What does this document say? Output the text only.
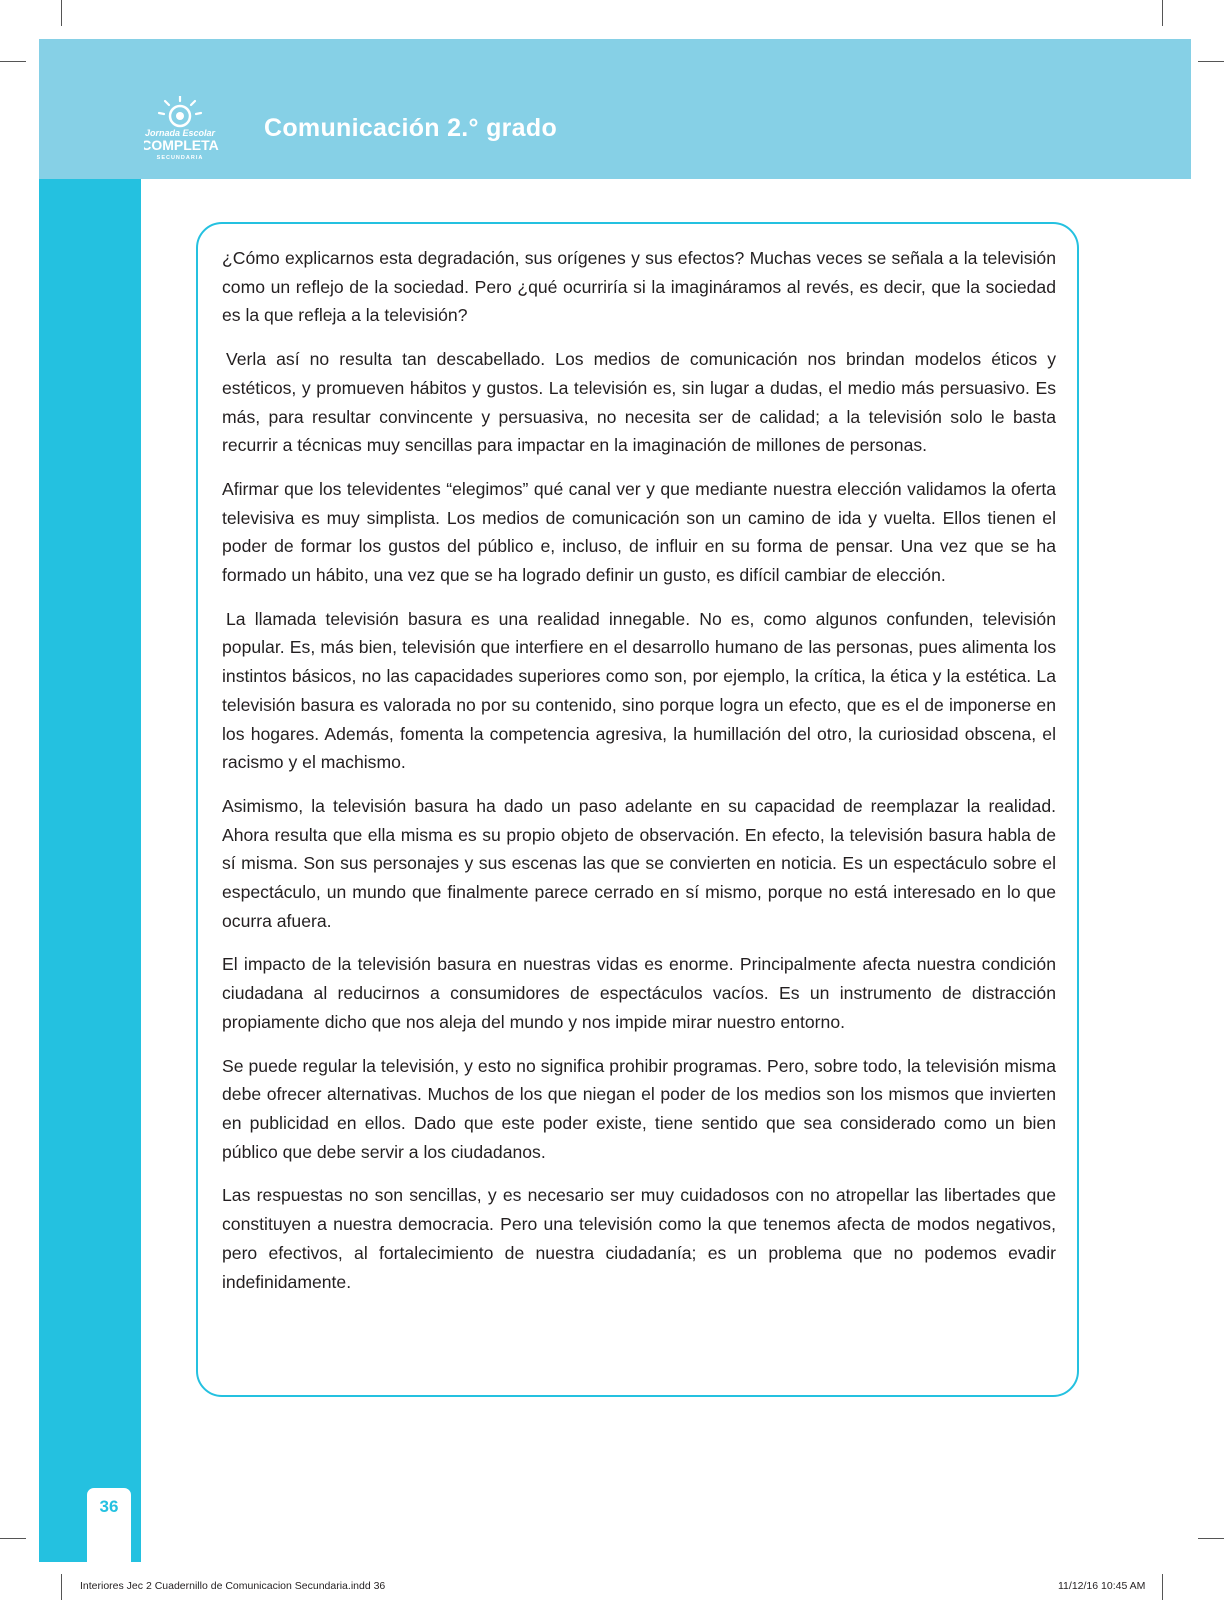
Jornada Escolar
COMPLETA
SECUNDARIA
Comunicación 2.° grado

¿Cómo explicarnos esta degradación, sus orígenes y sus efectos? Muchas veces se señala a la televisión como un reflejo de la sociedad. Pero ¿qué ocurriría si la imagináramos al revés, es decir, que la sociedad es la que refleja a la televisión?

Verla así no resulta tan descabellado. Los medios de comunicación nos brindan modelos éticos y estéticos, y promueven hábitos y gustos. La televisión es, sin lugar a dudas, el medio más persuasivo. Es más, para resultar convincente y persuasiva, no necesita ser de calidad; a la televisión solo le basta recurrir a técnicas muy sencillas para impactar en la imaginación de millones de personas.

Afirmar que los televidentes “elegimos” qué canal ver y que mediante nuestra elección validamos la oferta televisiva es muy simplista. Los medios de comunicación son un camino de ida y vuelta. Ellos tienen el poder de formar los gustos del público e, incluso, de influir en su forma de pensar. Una vez que se ha formado un hábito, una vez que se ha logrado definir un gusto, es difícil cambiar de elección.

La llamada televisión basura es una realidad innegable. No es, como algunos confunden, televisión popular. Es, más bien, televisión que interfiere en el desarrollo humano de las personas, pues alimenta los instintos básicos, no las capacidades superiores como son, por ejemplo, la crítica, la ética y la estética. La televisión basura es valorada no por su contenido, sino porque logra un efecto, que es el de imponerse en los hogares. Además, fomenta la competencia agresiva, la humillación del otro, la curiosidad obscena, el racismo y el machismo.

Asimismo, la televisión basura ha dado un paso adelante en su capacidad de reemplazar la realidad. Ahora resulta que ella misma es su propio objeto de observación. En efecto, la televisión basura habla de sí misma. Son sus personajes y sus escenas las que se convierten en noticia. Es un espectáculo sobre el espectáculo, un mundo que finalmente parece cerrado en sí mismo, porque no está interesado en lo que ocurra afuera.

El impacto de la televisión basura en nuestras vidas es enorme. Principalmente afecta nuestra condición ciudadana al reducirnos a consumidores de espectáculos vacíos. Es un instrumento de distracción propiamente dicho que nos aleja del mundo y nos impide mirar nuestro entorno.

Se puede regular la televisión, y esto no significa prohibir programas. Pero, sobre todo, la televisión misma debe ofrecer alternativas. Muchos de los que niegan el poder de los medios son los mismos que invierten en publicidad en ellos. Dado que este poder existe, tiene sentido que sea considerado como un bien público que debe servir a los ciudadanos.

Las respuestas no son sencillas, y es necesario ser muy cuidadosos con no atropellar las libertades que constituyen a nuestra democracia. Pero una televisión como la que tenemos afecta de modos negativos, pero efectivos, al fortalecimiento de nuestra ciudadanía; es un problema que no podemos evadir indefinidamente.

36
Interiores Jec 2 Cuadernillo de Comunicacion Secundaria.indd 36	11/12/16 10:45 AM
